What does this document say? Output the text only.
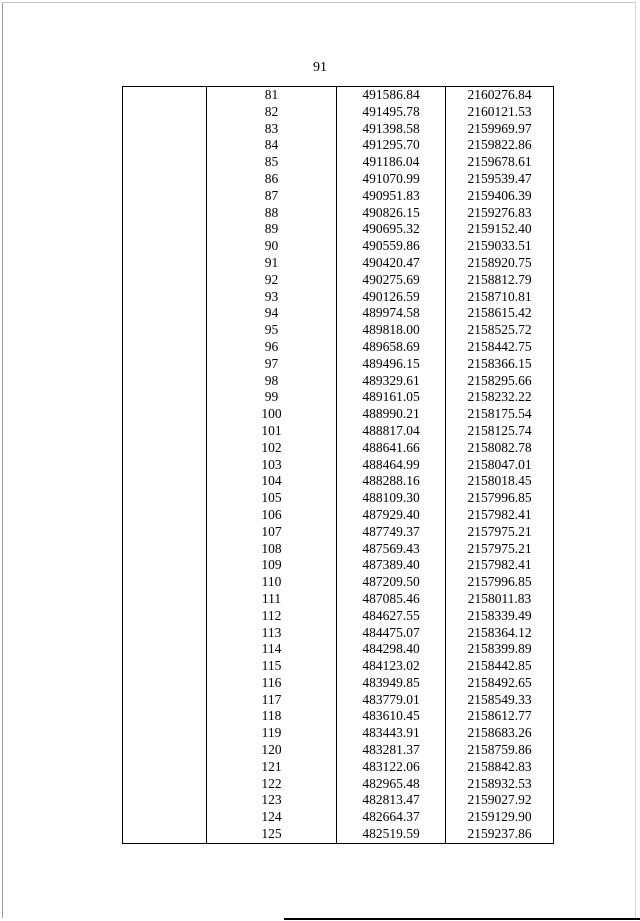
91
	81	491586.84	2160276.84
	82	491495.78	2160121.53
	83	491398.58	2159969.97
	84	491295.70	2159822.86
	85	491186.04	2159678.61
	86	491070.99	2159539.47
	87	490951.83	2159406.39
	88	490826.15	2159276.83
	89	490695.32	2159152.40
	90	490559.86	2159033.51
	91	490420.47	2158920.75
	92	490275.69	2158812.79
	93	490126.59	2158710.81
	94	489974.58	2158615.42
	95	489818.00	2158525.72
	96	489658.69	2158442.75
	97	489496.15	2158366.15
	98	489329.61	2158295.66
	99	489161.05	2158232.22
	100	488990.21	2158175.54
	101	488817.04	2158125.74
	102	488641.66	2158082.78
	103	488464.99	2158047.01
	104	488288.16	2158018.45
	105	488109.30	2157996.85
	106	487929.40	2157982.41
	107	487749.37	2157975.21
	108	487569.43	2157975.21
	109	487389.40	2157982.41
	110	487209.50	2157996.85
	111	487085.46	2158011.83
	112	484627.55	2158339.49
	113	484475.07	2158364.12
	114	484298.40	2158399.89
	115	484123.02	2158442.85
	116	483949.85	2158492.65
	117	483779.01	2158549.33
	118	483610.45	2158612.77
	119	483443.91	2158683.26
	120	483281.37	2158759.86
	121	483122.06	2158842.83
	122	482965.48	2158932.53
	123	482813.47	2159027.92
	124	482664.37	2159129.90
	125	482519.59	2159237.86
